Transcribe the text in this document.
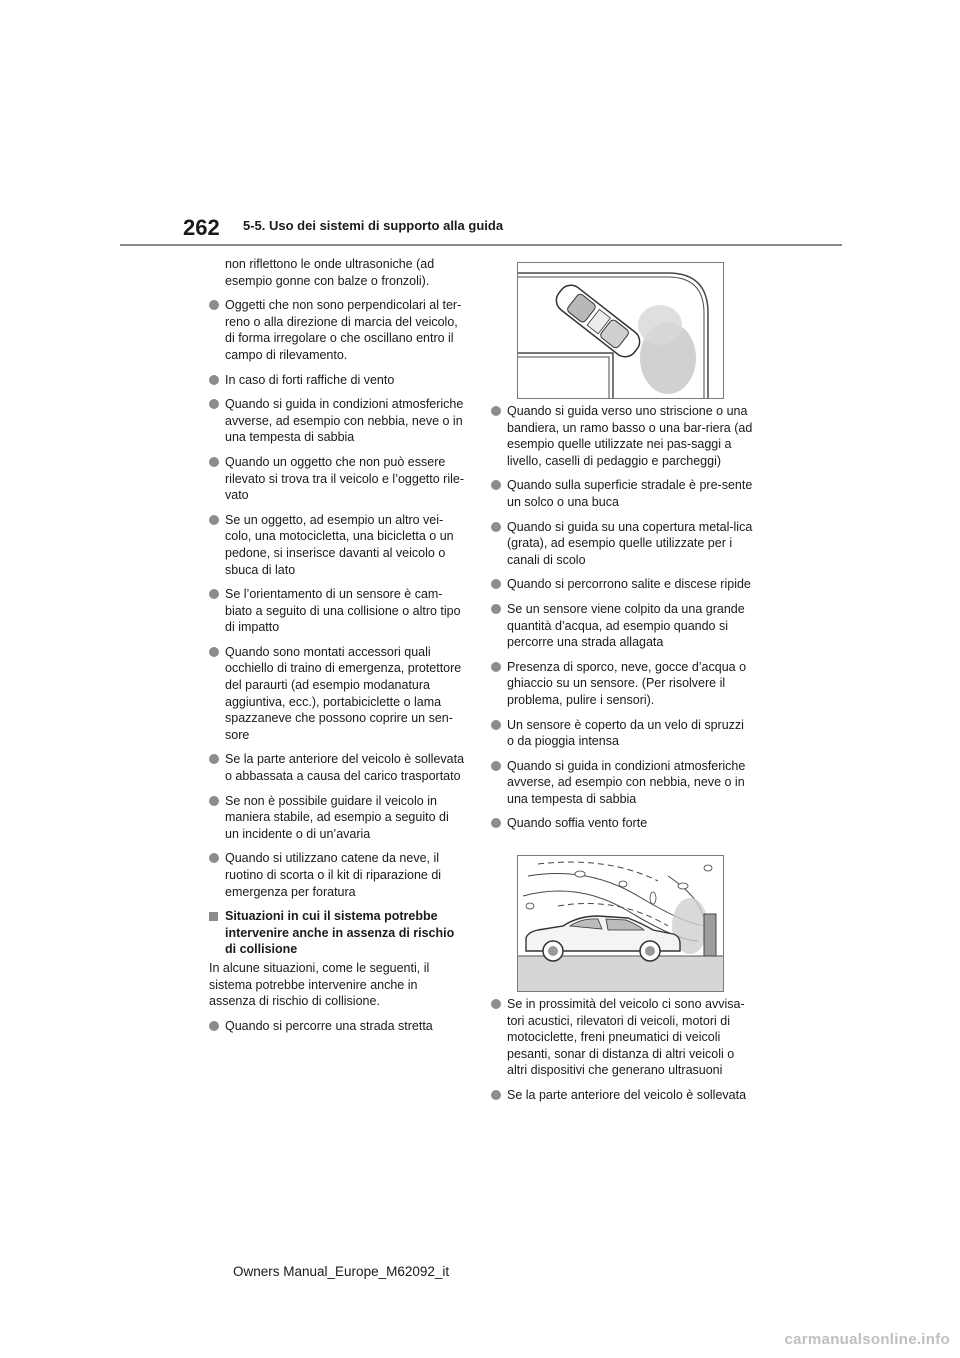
262 5-5. Uso dei sistemi di supporto alla guida
non riflettono le onde ultrasoniche (ad esempio gonne con balze o fronzoli).
Oggetti che non sono perpendicolari al ter-reno o alla direzione di marcia del veicolo, di forma irregolare o che oscillano entro il campo di rilevamento.
In caso di forti raffiche di vento
Quando si guida in condizioni atmosferiche avverse, ad esempio con nebbia, neve o in una tempesta di sabbia
Quando un oggetto che non può essere rilevato si trova tra il veicolo e l’oggetto rile-vato
Se un oggetto, ad esempio un altro vei-colo, una motocicletta, una bicicletta o un pedone, si inserisce davanti al veicolo o sbuca di lato
Se l’orientamento di un sensore è cam-biato a seguito di una collisione o altro tipo di impatto
Quando sono montati accessori quali occhiello di traino di emergenza, protettore del paraurti (ad esempio modanatura aggiuntiva, ecc.), portabiciclette o lama spazzaneve che possono coprire un sen-sore
Se la parte anteriore del veicolo è sollevata o abbassata a causa del carico trasportato
Se non è possibile guidare il veicolo in maniera stabile, ad esempio a seguito di un incidente o di un’avaria
Quando si utilizzano catene da neve, il ruotino di scorta o il kit di riparazione di emergenza per foratura
Situazioni in cui il sistema potrebbe intervenire anche in assenza di rischio di collisione
In alcune situazioni, come le seguenti, il sistema potrebbe intervenire anche in assenza di rischio di collisione.
Quando si percorre una strada stretta
Quando si guida verso uno striscione o una bandiera, un ramo basso o una bar-riera (ad esempio quelle utilizzate nei pas-saggi a livello, caselli di pedaggio e parcheggi)
Quando sulla superficie stradale è pre-sente un solco o una buca
Quando si guida su una copertura metal-lica (grata), ad esempio quelle utilizzate per i canali di scolo
Quando si percorrono salite e discese ripide
Se un sensore viene colpito da una grande quantità d’acqua, ad esempio quando si percorre una strada allagata
Presenza di sporco, neve, gocce d’acqua o ghiaccio su un sensore. (Per risolvere il problema, pulire i sensori).
Un sensore è coperto da un velo di spruzzi o da pioggia intensa
Quando si guida in condizioni atmosferiche avverse, ad esempio con nebbia, neve o in una tempesta di sabbia
Quando soffia vento forte
Se in prossimità del veicolo ci sono avvisa-tori acustici, rilevatori di veicoli, motori di motociclette, freni pneumatici di veicoli pesanti, sonar di distanza di altri veicoli o altri dispositivi che generano ultrasuoni
Se la parte anteriore del veicolo è sollevata
Owners Manual_Europe_M62092_it
carmanualsonline.info
